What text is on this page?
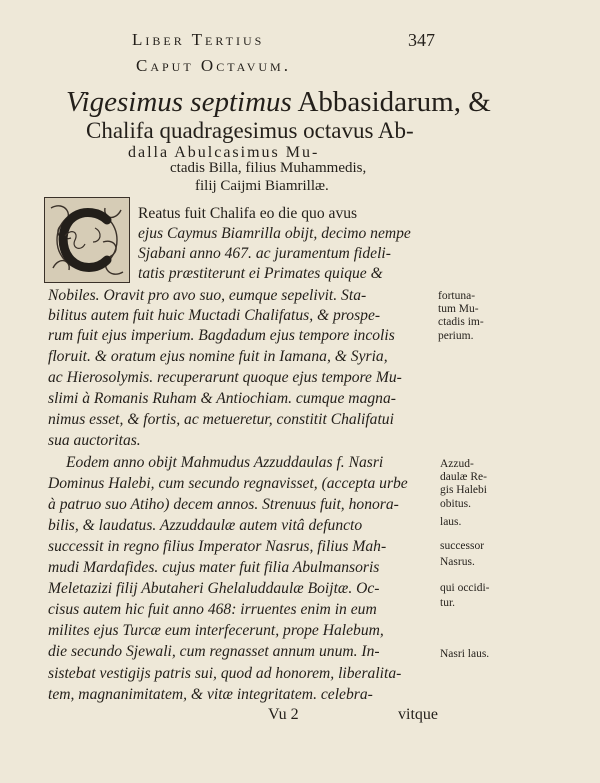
Liber Tertius	347
Caput Octavum.
Vigesimus septimus Abbasidarum, &
Chalifa quadragesimus octavus Ab-
dalla Abulcasimus Mu-
ctadis Billa, filius Muhammedis,
filij Caijmi Biamrillæ.
Reatus fuit Chalifa eo die quo avus
ejus Caymus Biamrilla obijt, decimo nempe
Sjabani anno 467. ac juramentum fideli-
tatis præstiterunt ei Primates quique &
Nobiles. Oravit pro avo suo, eumque sepelivit. Sta-
bilitus autem fuit huic Muctadi Chalifatus, & prospe-
rum fuit ejus imperium. Bagdadum ejus tempore incolis
floruit. & oratum ejus nomine fuit in Iamana, & Syria,
ac Hierosolymis. recuperarunt quoque ejus tempore Mu-
slimi à Romanis Ruham & Antiochiam. cumque magna-
nimus esset, & fortis, ac metueretur, constitit Chalifatui
sua auctoritas.
Eodem anno obijt Mahmudus Azzuddaulas f. Nasri
Dominus Halebi, cum secundo regnavisset, (accepta urbe
à patruo suo Atiho) decem annos. Strenuus fuit, honora-
bilis, & laudatus. Azzuddaulæ autem vitâ defuncto
successit in regno filius Imperator Nasrus, filius Mah-
mudi Mardafides. cujus mater fuit filia Abulmansoris
Meletazizi filij Abutaheri Ghelaluddaulæ Boijtæ. Oc-
cisus autem hic fuit anno 468: irruentes enim in eum
milites ejus Turcæ eum interfecerunt, prope Halebum,
die secundo Sjewali, cum regnasset annum unum. In-
sistebat vestigijs patris sui, quod ad honorem, liberalita-
tem, magnanimitatem, & vitæ integritatem. celebra-
fortuna-
tum Mu-
ctadis im-
perium.
Azzud-
daulæ Re-
gis Halebi
obitus.
laus.
successor
Nasrus.
qui occidi-
tur.
Nasri laus.
Vu 2	vitque
